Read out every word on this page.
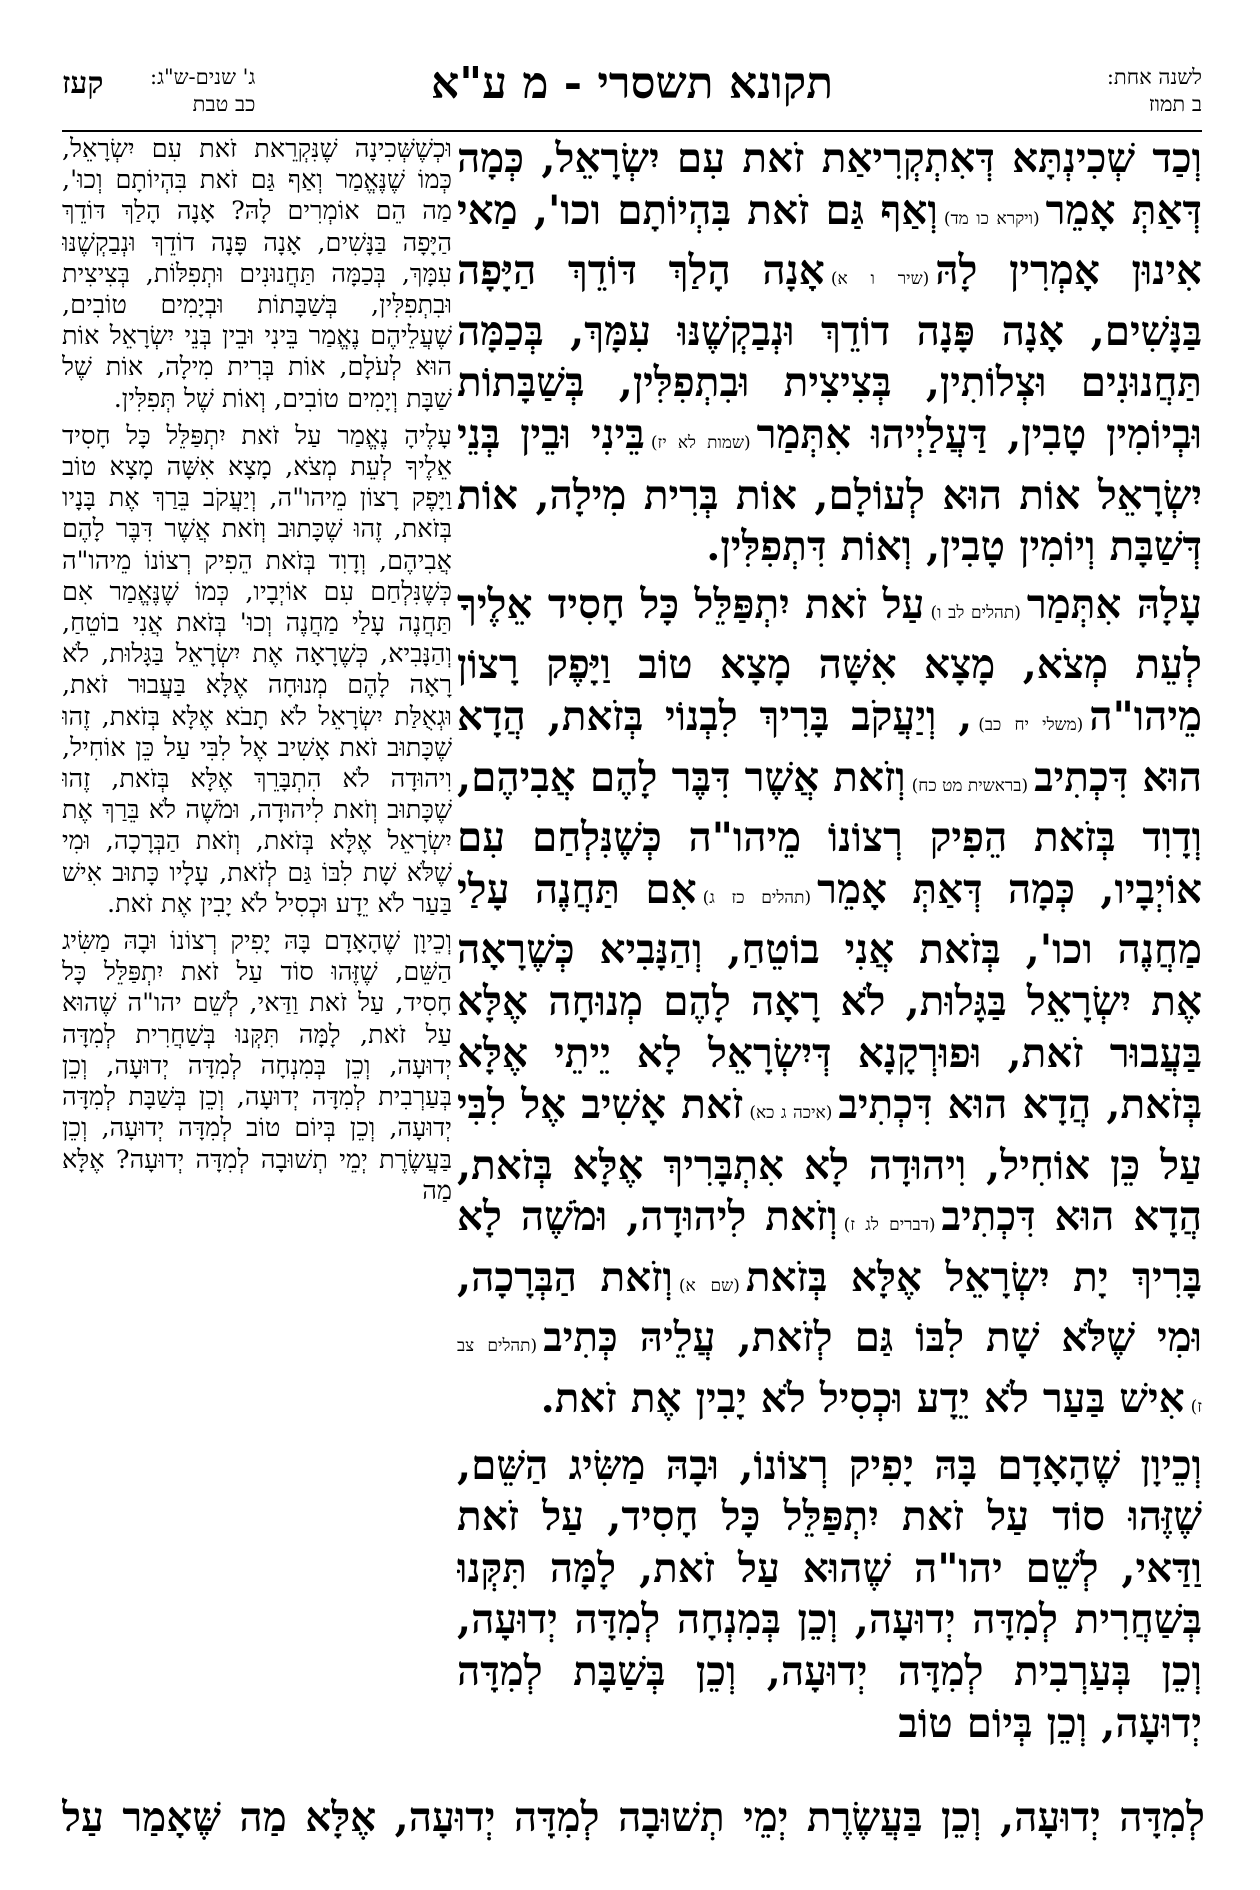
לשנה אחת:
ב תמוז
תקונא תשסרי - מ ע"א
ג' שנים-ש"ג:
כב טבת
קעז

וְכַד שְׁכִינְתָּא דְּאִתְקְרִיאַת זֹאת עִם יִשְׂרָאֵל, כְּמָה דְּאַתְּ אָמֵר(ויקרא כו מד)וְאַף גַּם זֹאת בִּהְיוֹתָם וכו', מַאי אִינוּן אָמְרִין לָהּ(שיר ו א)אָנָה הָלַךְ דּוֹדֵךְ הַיָּפָה בַּנָּשִׁים, אָנָה פָּנָה דוֹדֵךְ וּנְבַקְשֶׁנּוּ עִמָּךְ, בְּכַמָּה תַּחֲנוּנִים וּצְלוֹתִין, בְּצִיצִית וּבִתְפִלִּין, בְּשַׁבָּתוֹת וּבְיוֹמִין טָבִין, דַּעֲלַיְיהוּ אִתְּמַר(שמות לא יז)בֵּינִי וּבֵין בְּנֵי יִשְׂרָאֵל אוֹת הוּא לְעוֹלָם, אוֹת בְּרִית מִילָה, אוֹת דְּשַׁבָּת וְיוֹמִין טָבִין, וְאוֹת דִּתְפִלִּין.

עָלָהּ אִתְּמַר(תהלים לב ו)עַל זֹאת יִתְפַּלֵּל כָּל חָסִיד אֵלֶיךָ לְעֵת מְצֹא, מָצָא אִשָּׁה מָצָא טוֹב וַיָּפֶק רָצוֹן מֵיהו"ה(משלי יח כב), וְיַעֲקֹב בָּרִיךְ לִבְנוֹי בְּזֹאת, הֲדָא הוּא דִּכְתִיב(בראשית מט כח)וְזֹאת אֲשֶׁר דִּבֶּר לָהֶם אֲבִיהֶם, וְדָוִד בְּזֹאת הֵפִיק רְצוֹנוֹ מֵיהו"ה כְּשֶׁנִּלְחַם עִם אוֹיְבָיו, כְּמָה דְּאַתְּ אָמֵר(תהלים כז ג)אִם תַּחֲנֶה עָלַי מַחֲנֶה וכו', בְּזֹאת אֲנִי בוֹטֵחַ, וְהַנָּבִיא כְּשֶׁרָאָה אֶת יִשְׂרָאֵל בַּגָּלוּת, לֹא רָאָה לָהֶם מְנוּחָה אֶלָּא בַּעֲבוּר זֹאת, וּפוּרְקָנָא דְּיִשְׂרָאֵל לָא יֵיתֵי אֶלָּא בְּזֹאת, הֲדָא הוּא דִּכְתִיב(איכה ג כא)זֹאת אָשִׁיב אֶל לִבִּי עַל כֵּן אוֹחִיל, וִיהוּדָה לָא אִתְבָּרִיךְ אֶלָּא בְּזֹאת, הֲדָא הוּא דִּכְתִיב(דברים לג ז)וְזֹאת לִיהוּדָה, וּמֹשֶׁה לָא בָּרִיךְ יָת יִשְׂרָאֵל אֶלָּא בְּזֹאת(שם א)וְזֹאת הַבְּרָכָה, וּמִי שֶׁלֹּא שָׁת לִבּוֹ גַּם לְזֹאת, עֲלֵיהּ כְּתִיב(תהלים צב ז)אִישׁ בַּעַר לֹא יֵדָע וּכְסִיל לֹא יָבִין אֶת זֹאת.

וְכֵיוָן שֶׁהָאָדָם בָּהּ יָפִיק רְצוֹנוֹ, וּבָהּ מַשִּׂיג הַשֵּׁם, שֶׁזֶּהוּ סוֹד עַל זֹאת יִתְפַּלֵּל כָּל חָסִיד, עַל זֹאת וַדַּאי, לְשֵׁם יהו"ה שֶׁהוּא עַל זֹאת, לָמָּה תִּקְּנוּ בְּשַׁחֲרִית לְמִדָּה יְדוּעָה, וְכֵן בְּמִנְחָה לְמִדָּה יְדוּעָה, וְכֵן בְּעַרְבִית לְמִדָּה יְדוּעָה, וְכֵן בְּשַׁבָּת לְמִדָּה יְדוּעָה, וְכֵן בְּיוֹם טוֹב

וּכְשֶׁשְּׁכִינָה שֶׁנִּקְרֵאת זֹאת עִם יִשְׂרָאֵל, כְּמוֹ שֶׁנֶּאֱמַר וְאַף גַּם זֹאת בִּהְיוֹתָם וְכוּ', מַה הֵם אוֹמְרִים לָהּ? אָנָה הָלַךְ דּוֹדֵךְ הַיָּפָה בַּנָּשִׁים, אָנָה פָּנָה דוֹדֵךְ וּנְבַקְשֶׁנּוּ עִמָּךְ, בְּכַמָּה תַּחֲנוּנִים וּתְפִלּוֹת, בְּצִיצִית וּבִתְפִלִּין, בְּשַׁבָּתוֹת וּבְיָמִים טוֹבִים, שֶׁעֲלֵיהֶם נֶאֱמַר בֵּינִי וּבֵין בְּנֵי יִשְׂרָאֵל אוֹת הוּא לְעֹלָם, אוֹת בְּרִית מִילָה, אוֹת שֶׁל שַׁבָּת וְיָמִים טוֹבִים, וְאוֹת שֶׁל תְּפִלִּין.

עָלֶיהָ נֶאֱמַר עַל זֹאת יִתְפַּלֵּל כָּל חָסִיד אֵלֶיךָ לְעֵת מְצֹא, מָצָא אִשָּׁה מָצָא טוֹב וַיָּפֶק רָצוֹן מֵיהו"ה, וְיַעֲקֹב בֵּרַךְ אֶת בָּנָיו בְּזֹאת, זֶהוּ שֶׁכָּתוּב וְזֹאת אֲשֶׁר דִּבֶּר לָהֶם אֲבִיהֶם, וְדָוִד בְּזֹאת הֵפִיק רְצוֹנוֹ מֵיהו"ה כְּשֶׁנִּלְחַם עִם אוֹיְבָיו, כְּמוֹ שֶׁנֶּאֱמַר אִם תַּחֲנֶה עָלַי מַחֲנֶה וְכוּ' בְּזֹאת אֲנִי בוֹטֵחַ, וְהַנָּבִיא, כְּשֶׁרָאָה אֶת יִשְׂרָאֵל בַּגָּלוּת, לֹא רָאָה לָהֶם מְנוּחָה אֶלָּא בַּעֲבוּר זֹאת, וּגְאֻלַּת יִשְׂרָאֵל לֹא תָבֹא אֶלָּא בְּזֹאת, זֶהוּ שֶׁכָּתוּב זֹאת אָשִׁיב אֶל לִבִּי עַל כֵּן אוֹחִיל, וִיהוּדָה לֹא הִתְבָּרֵךְ אֶלָּא בְּזֹאת, זֶהוּ שֶׁכָּתוּב וְזֹאת לִיהוּדָה, וּמֹשֶׁה לֹא בֵּרַךְ אֶת יִשְׂרָאֵל אֶלָּא בְּזֹאת, וְזֹאת הַבְּרָכָה, וּמִי שֶׁלֹּא שָׁת לִבּוֹ גַּם לְזֹאת, עָלָיו כָּתוּב אִישׁ בַּעַר לֹא יֵדָע וּכְסִיל לֹא יָבִין אֶת זֹאת.

וְכֵיוָן שֶׁהָאָדָם בָּהּ יָפִיק רְצוֹנוֹ וּבָהּ מַשִּׂיג הַשֵּׁם, שֶׁזֶּהוּ סוֹד עַל זֹאת יִתְפַּלֵּל כָּל חָסִיד, עַל זֹאת וַדַּאי, לְשֵׁם יהו"ה שֶׁהוּא עַל זֹאת, לָמָּה תִּקְּנוּ בְּשַׁחֲרִית לְמִדָּה יְדוּעָה, וְכֵן בְּמִנְחָה לְמִדָּה יְדוּעָה, וְכֵן בְּעַרְבִית לְמִדָּה יְדוּעָה, וְכֵן בְּשַׁבָּת לְמִדָּה יְדוּעָה, וְכֵן בְּיוֹם טוֹב לְמִדָּה יְדוּעָה, וְכֵן בַּעֲשֶׂרֶת יְמֵי תְשׁוּבָה לְמִדָּה יְדוּעָה? אֶלָּא מַה

לְמִדָּה יְדוּעָה, וְכֵן בַּעֲשֶׂרֶת יְמֵי תְשׁוּבָה לְמִדָּה יְדוּעָה, אֶלָּא מַה שֶּׁאָמַר עַל
